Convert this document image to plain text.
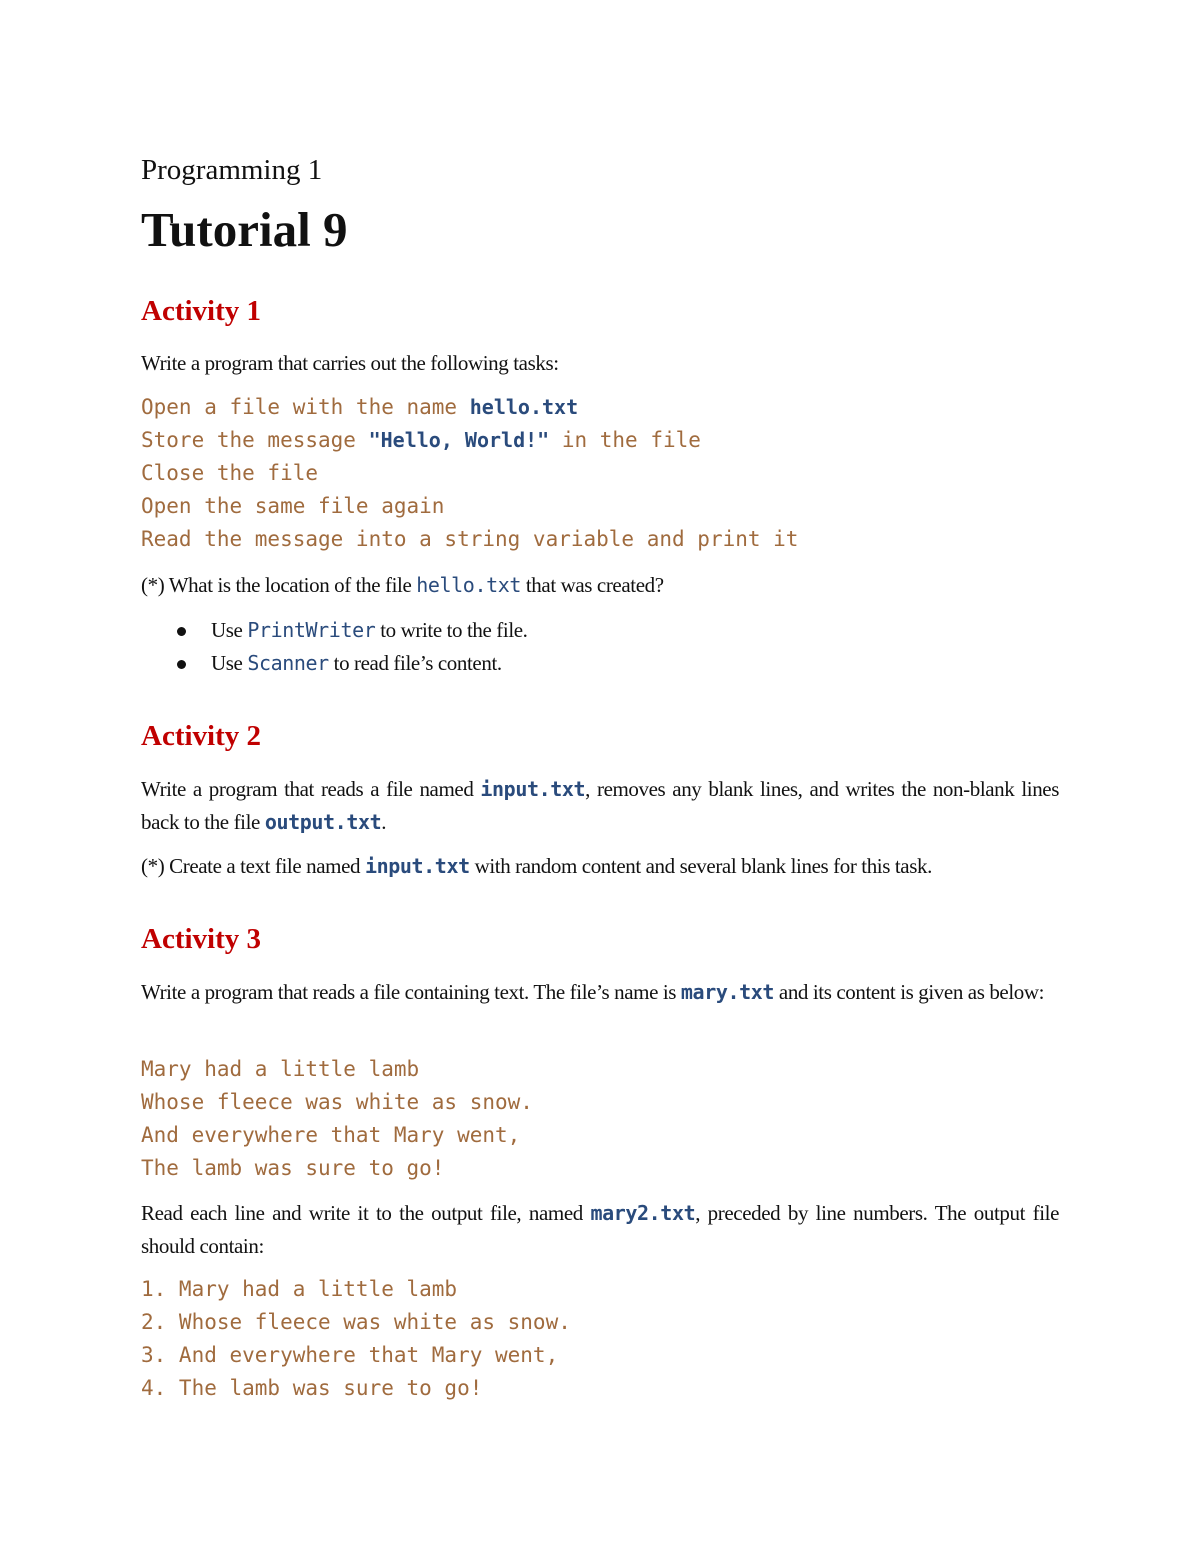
Programming 1

Tutorial 9
Activity 1

Write a program that carries out the following tasks:

Open a file with the name hello.txt
Store the message "Hello, World!" in the file
Close the file
Open the same file again
Read the message into a string variable and print it

(*) What is the location of the file hello.txt that was created?

Use PrintWriter to write to the file.
Use Scanner to read file’s content.
Activity 2

Write a program that reads a file named input.txt, removes any blank lines, and writes the non-blank lines back to the file output.txt.

(*) Create a text file named input.txt with random content and several blank lines for this task.

Activity 3

Write a program that reads a file containing text. The file’s name is mary.txt and its content is given as below:

Mary had a little lamb
Whose fleece was white as snow.
And everywhere that Mary went,
The lamb was sure to go!

Read each line and write it to the output file, named mary2.txt, preceded by line numbers. The output file should contain:

1. Mary had a little lamb
2. Whose fleece was white as snow.
3. And everywhere that Mary went,
4. The lamb was sure to go!
